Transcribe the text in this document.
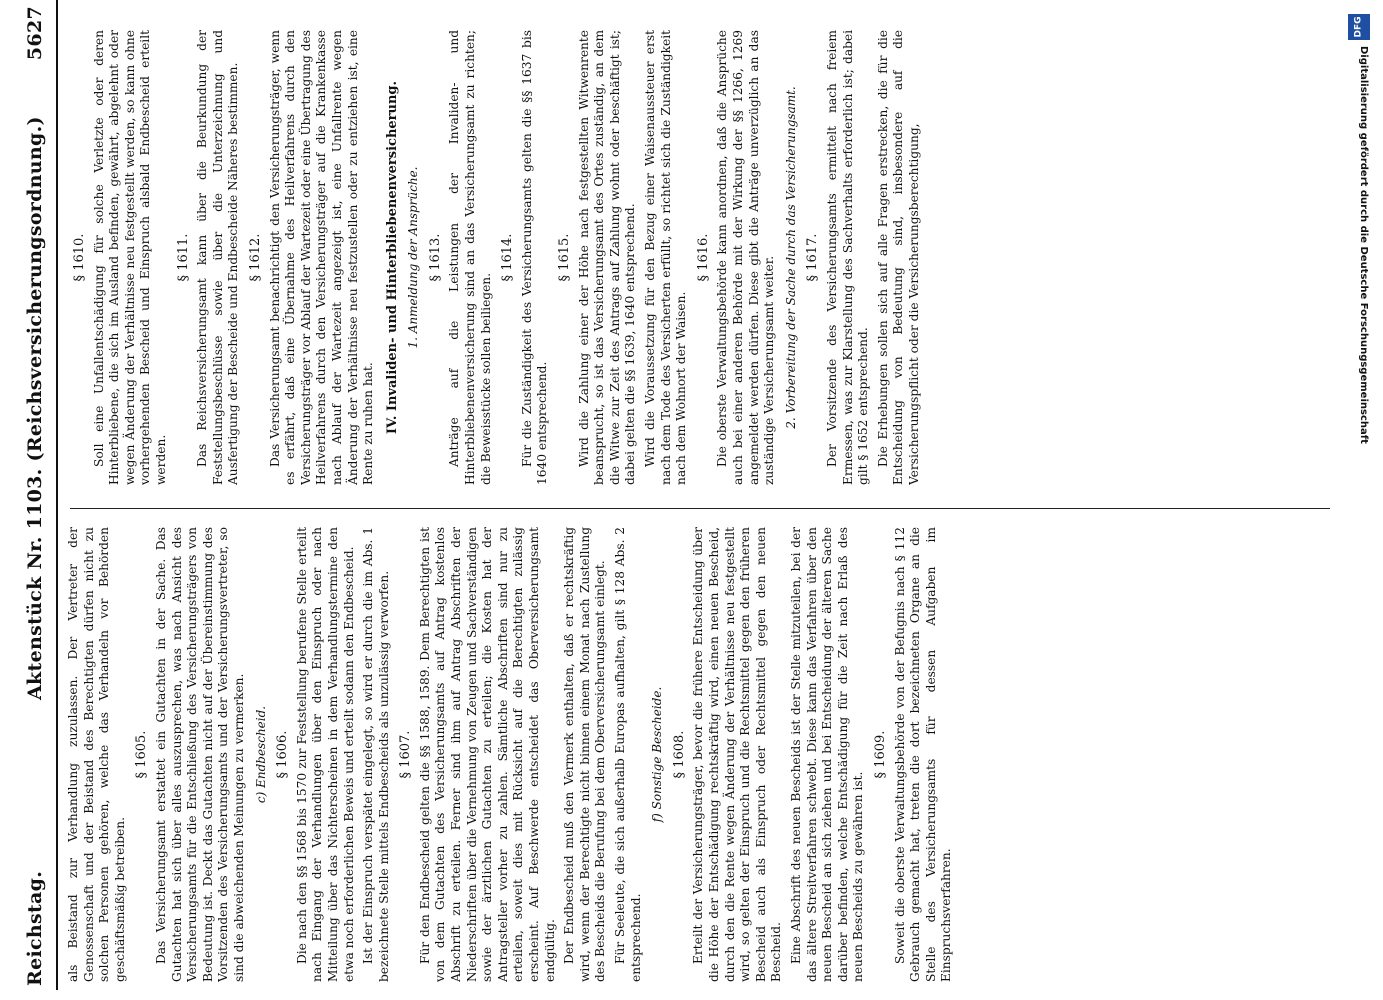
Reichstag.
Aktenstück Nr. 1103. (Reichsversicherungsordnung.)
5627

als Beistand zur Verhandlung zuzulassen. Der Vertreter der Genossenschaft und der Beistand des Berechtigten dürfen nicht zu solchen Personen gehören, welche das Verhandeln vor Behörden geschäftsmäßig betreiben.

§ 1605. Das Versicherungsamt erstattet ein Gutachten in der Sache. Das Gutachten hat sich über alles auszusprechen, was nach Ansicht des Versicherungsamts für die Entschließung des Versicherungsträgers von Bedeutung ist. Deckt das Gutachten nicht auf der Übereinstimmung des Vorsitzenden des Versicherungsamts und der Versicherungsvertreter, so sind die abweichenden Meinungen zu vermerken. c) Endbescheid. § 1606. Die nach den §§ 1568 bis 1570 zur Feststellung berufene Stelle erteilt nach Eingang der Verhandlungen über den Einspruch oder nach Mitteilung über das Nichterscheinen in dem Verhandlungstermine den etwa noch erforderlichen Beweis und erteilt sodann den Endbescheid. Ist der Einspruch verspätet eingelegt, so wird er durch die im Abs. 1 bezeichnete Stelle mittels Endbescheids als unzulässig verworfen. § 1607. Für den Endbescheid gelten die §§ 1588, 1589. Dem Berechtigten ist von dem Gutachten des Versicherungsamts auf Antrag kostenlos Abschrift zu erteilen. Ferner sind ihm auf Antrag Abschriften der Niederschriften über die Vernehmung von Zeugen und Sachverständigen sowie der ärztlichen Gutachten zu erteilen; die Kosten hat der Antragsteller vorher zu zahlen. Sämtliche Abschriften sind nur zu erteilen, soweit dies mit Rücksicht auf die Berechtigten zulässig erscheint. Auf Beschwerde entscheidet das Oberversicherungsamt endgültig. Der Endbescheid muß den Vermerk enthalten, daß er rechtskräftig wird, wenn der Berechtigte nicht binnen einem Monat nach Zustellung des Bescheids die Berufung bei dem Oberversicherungsamt einlegt. Für Seeleute, die sich außerhalb Europas aufhalten, gilt § 128 Abs. 2 entsprechend.

f) Sonstige Bescheide. § 1608. Erteilt der Versicherungsträger, bevor die frühere Entscheidung über die Höhe der Entschädigung rechtskräftig wird, einen neuen Bescheid, durch den die Rente wegen Änderung der Verhältnisse neu festgestellt wird, so gelten der Einspruch und die Rechtsmittel gegen den früheren Bescheid auch als Einspruch oder Rechtsmittel gegen den neuen Bescheid. Eine Abschrift des neuen Bescheids ist der Stelle mitzuteilen, bei der das ältere Streitverfahren schwebt. Diese kann das Verfahren über den neuen Bescheid an sich ziehen und bei Entscheidung der älteren Sache darüber befinden, welche Entschädigung für die Zeit nach Erlaß des neuen Bescheids zu gewähren ist.

§ 1609. Soweit die oberste Verwaltungsbehörde von der Befugnis nach § 112 Gebrauch gemacht hat, treten die dort bezeichneten Organe an die Stelle des Versicherungsamts für dessen Aufgaben im Einspruchsverfahren.

§ 1610. Soll eine Unfallentschädigung für solche Verletzte oder deren Hinterbliebene, die sich im Ausland befinden, gewährt, abgelehnt oder wegen Änderung der Verhältnisse neu festgestellt werden, so kann ohne vorhergehenden Bescheid und Einspruch alsbald Endbescheid erteilt werden.

§ 1611. Das Reichsversicherungsamt kann über die Beurkundung der Feststellungsbeschlüsse sowie über die Unterzeichnung und Ausfertigung der Bescheide und Endbescheide Näheres bestimmen. § 1612. Das Versicherungsamt benachrichtigt den Versicherungsträger, wenn es erfährt, daß eine Übernahme des Heilverfahrens durch den Versicherungsträger vor Ablauf der Wartezeit oder eine Übertragung des Heilverfahrens durch den Versicherungsträger auf die Krankenkasse nach Ablauf der Wartezeit angezeigt ist, eine Unfallrente wegen Änderung der Verhältnisse neu festzustellen oder zu entziehen ist, eine Rente zu ruhen hat. IV. Invaliden- und Hinterbliebenenversicherung. 1. Anmeldung der Ansprüche. § 1613. Anträge auf die Leistungen der Invaliden- und Hinterbliebenenversicherung sind an das Versicherungsamt zu richten; die Beweisstücke sollen beiliegen.

§ 1614. Für die Zuständigkeit des Versicherungsamts gelten die §§ 1637 bis 1640 entsprechend.

§ 1615. Wird die Zahlung einer der Höhe nach festgestellten Witwenrente beansprucht, so ist das Versicherungsamt des Ortes zuständig, an dem die Witwe zur Zeit des Antrags auf Zahlung wohnt oder beschäftigt ist; dabei gelten die §§ 1639, 1640 entsprechend. Wird die Voraussetzung für den Bezug einer Waisenaussteuer erst nach dem Tode des Versicherten erfüllt, so richtet sich die Zuständigkeit nach dem Wohnort der Waisen.

§ 1616. Die oberste Verwaltungsbehörde kann anordnen, daß die Ansprüche auch bei einer anderen Behörde mit der Wirkung der §§ 1266, 1269 angemeldet werden dürfen. Diese gibt die Anträge unverzüglich an das zuständige Versicherungsamt weiter. 2. Vorbereitung der Sache durch das Versicherungsamt. § 1617. Der Vorsitzende des Versicherungsamts ermittelt nach freiem Ermessen, was zur Klarstellung des Sachverhalts erforderlich ist; dabei gilt § 1652 entsprechend. Die Erhebungen sollen sich auf alle Fragen erstrecken, die für die Entscheidung von Bedeutung sind, insbesondere auf die Versicherungspflicht oder die Versicherungsberechtigung,

DFG
Digitalisierung gefördert durch die Deutsche Forschungsgemeinschaft
